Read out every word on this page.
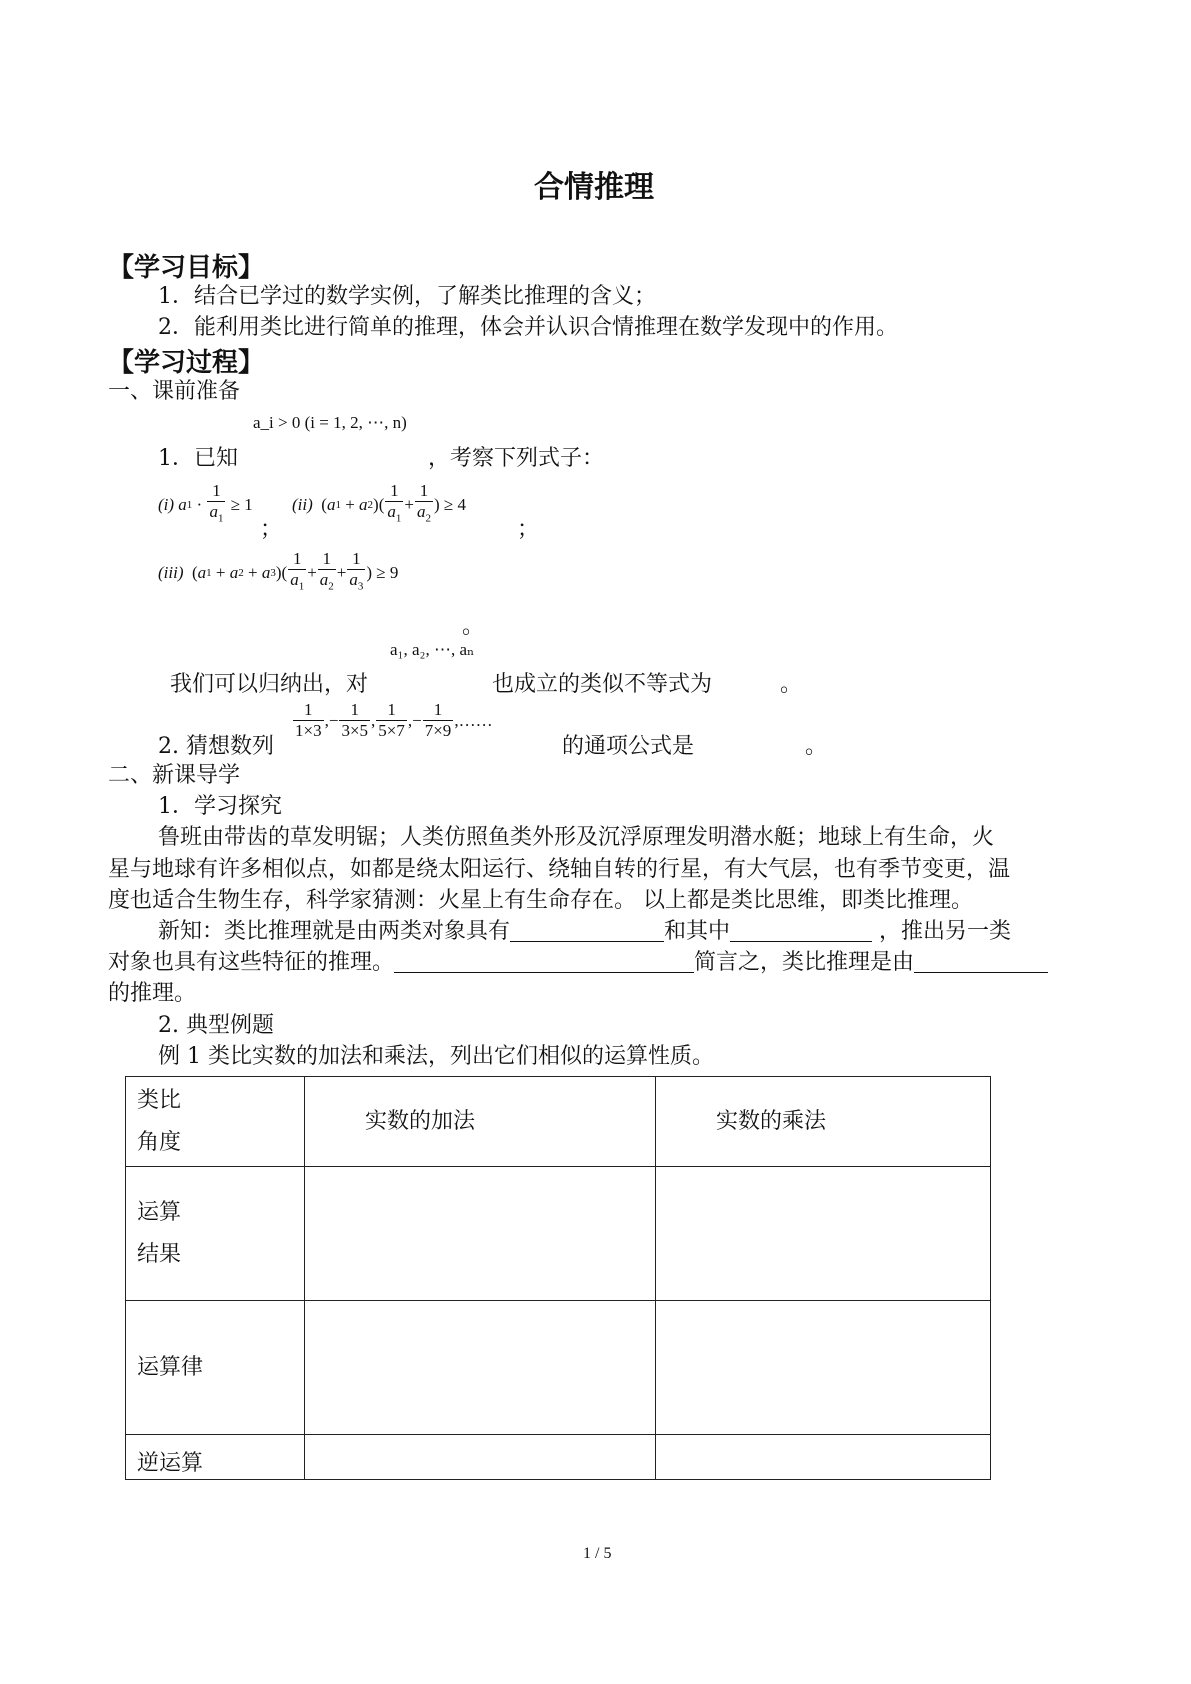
合情推理
【学习目标】
1．结合已学过的数学实例，了解类比推理的含义；
2．能利用类比进行简单的推理，体会并认识合情推理在数学发现中的作用。
【学习过程】
一、课前准备
a_i > 0 (i = 1, 2, ⋯, n)
1．已知	，考察下列式子：
(i)
a $1 \cdot \frac{1}{a_1} \ge 1$
；
(ii) ( a 1 + a 2 )( $\frac{1}{a_1} + \frac{1}{a_2}$ ) ≥ 4
；
(iii) ( a 1 + a 2 + a 3 )( $\frac{1}{a_1} + \frac{1}{a_2} + \frac{1}{a_3}$ ) ≥ 9
。
a₁, a₂, ⋯, aₙ
我们可以归纳出，对	也成立的类似不等式为	。
$\frac{1}{1\times 3}$ ,− $\frac{1}{3\times 5}$ , $\frac{1}{5\times 7}$ ,− $\frac{1}{7\times 9}$ ,……
2. 猜想数列	的通项公式是	。
二、新课导学
1．学习探究
鲁班由带齿的草发明锯；人类仿照鱼类外形及沉浮原理发明潜水艇；地球上有生命，火
星与地球有许多相似点，如都是绕太阳运行、绕轴自转的行星，有大气层，也有季节变更，温
度也适合生物生存，科学家猜测：火星上有生命存在。 以上都是类比思维，即类比推理。
新知：类比推理就是由两类对象具有	和其中	，推出另一类
对象也具有这些特征的推理。	简言之，类比推理是由
的推理。
2. 典型例题
例 1 类比实数的加法和乘法，列出它们相似的运算性质。
类比
角度	实数的加法	实数的乘法

运算
结果		

运算律		
逆运算		
1 / 5
